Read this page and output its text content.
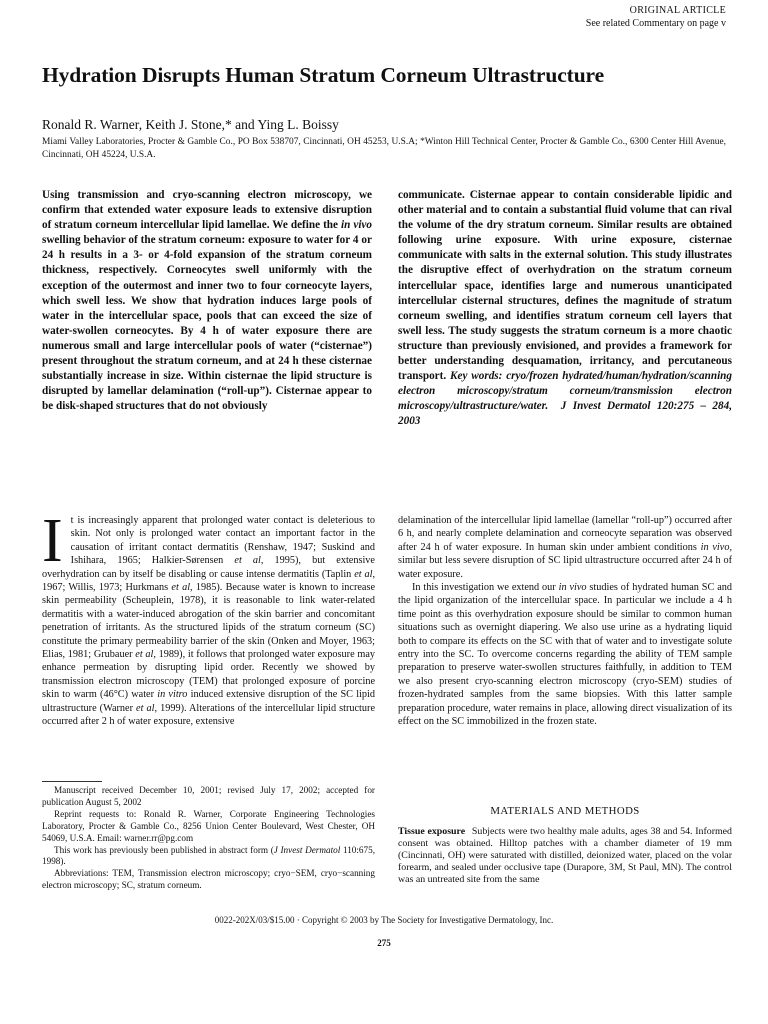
ORIGINAL ARTICLE
See related Commentary on page v
Hydration Disrupts Human Stratum Corneum Ultrastructure
Ronald R. Warner, Keith J. Stone,* and Ying L. Boissy
Miami Valley Laboratories, Procter & Gamble Co., PO Box 538707, Cincinnati, OH 45253, U.S.A; *Winton Hill Technical Center, Procter & Gamble Co., 6300 Center Hill Avenue, Cincinnati, OH 45224, U.S.A.

Using transmission and cryo-scanning electron microscopy, we confirm that extended water exposure leads to extensive disruption of stratum corneum intercellular lipid lamellae. We define the in vivo swelling behavior of the stratum corneum: exposure to water for 4 or 24 h results in a 3- or 4-fold expansion of the stratum corneum thickness, respectively. Corneocytes swell uniformly with the exception of the outermost and inner two to four corneocyte layers, which swell less. We show that hydration induces large pools of water in the intercellular space, pools that can exceed the size of water-swollen corneocytes. By 4 h of water exposure there are numerous small and large intercellular pools of water (“cisternae”) present throughout the stratum corneum, and at 24 h these cisternae substantially increase in size. Within cisternae the lipid structure is disrupted by lamellar delamination (“roll-up”). Cisternae appear to be disk-shaped structures that do not obviously

communicate. Cisternae appear to contain considerable lipidic and other material and to contain a substantial fluid volume that can rival the volume of the dry stratum corneum. Similar results are obtained following urine exposure. With urine exposure, cisternae communicate with salts in the external solution. This study illustrates the disruptive effect of overhydration on the stratum corneum intercellular space, identifies large and numerous unanticipated intercellular cisternal structures, defines the magnitude of stratum corneum swelling, and identifies stratum corneum cell layers that swell less. The study suggests the stratum corneum is a more chaotic structure than previously envisioned, and provides a framework for better understanding desquamation, irritancy, and percutaneous transport. Key words: cryo/frozen hydrated/human/hydration/scanning electron microscopy/stratum corneum/transmission electron microscopy/ultrastructure/water. J Invest Dermatol 120:275 – 284, 2003

It is increasingly apparent that prolonged water contact is deleterious to skin. Not only is prolonged water contact an important factor in the causation of irritant contact dermatitis (Renshaw, 1947; Suskind and Ishihara, 1965; Halkier-Sørensen et al, 1995), but extensive overhydration can by itself be disabling or cause intense dermatitis (Taplin et al, 1967; Willis, 1973; Hurkmans et al, 1985). Because water is known to increase skin permeability (Scheuplein, 1978), it is reasonable to link water-related dermatitis with a water-induced abrogation of the skin barrier and concomitant penetration of irritants. As the structured lipids of the stratum corneum (SC) constitute the primary permeability barrier of the skin (Onken and Moyer, 1963; Elias, 1981; Grubauer et al, 1989), it follows that prolonged water exposure may enhance permeation by disrupting lipid order. Recently we showed by transmission electron microscopy (TEM) that prolonged exposure of porcine skin to warm (46°C) water in vitro induced extensive disruption of the SC lipid ultrastructure (Warner et al, 1999). Alterations of the intercellular lipid structure occurred after 2 h of water exposure, extensive

delamination of the intercellular lipid lamellae (lamellar “roll-up”) occurred after 6 h, and nearly complete delamination and corneocyte separation was observed after 24 h of water exposure. In human skin under ambient conditions in vivo, similar but less severe disruption of SC lipid ultrastructure occurred after 24 h of water exposure.

In this investigation we extend our in vivo studies of hydrated human SC and the lipid organization of the intercellular space. In particular we include a 4 h time point as this overhydration exposure should be similar to common human situations such as overnight diapering. We also use urine as a hydrating liquid both to compare its effects on the SC with that of water and to investigate solute entry into the SC. To overcome concerns regarding the ability of TEM sample preparation to preserve water-swollen structures faithfully, in addition to TEM we also present cryo-scanning electron microscopy (cryo-SEM) studies of frozen-hydrated samples from the same biopsies. With this latter sample preparation procedure, water remains in place, allowing direct visualization of its effect on the SC immobilized in the frozen state.

Manuscript received December 10, 2001; revised July 17, 2002; accepted for publication August 5, 2002

Reprint requests to: Ronald R. Warner, Corporate Engineering Technologies Laboratory, Procter & Gamble Co., 8256 Union Center Boulevard, West Chester, OH 54069, U.S.A. Email: warner.rr@pg.com

This work has previously been published in abstract form (J Invest Dermatol 110:675, 1998).

Abbreviations: TEM, Transmission electron microscopy; cryo−SEM, cryo−scanning electron microscopy; SC, stratum corneum.

MATERIALS AND METHODS
Tissue exposure Subjects were two healthy male adults, ages 38 and 54. Informed consent was obtained. Hilltop patches with a chamber diameter of 19 mm (Cincinnati, OH) were saturated with distilled, deionized water, placed on the volar forearm, and sealed under occlusive tape (Durapore, 3M, St Paul, MN). The control was an untreated site from the same
0022-202X/03/$15.00 · Copyright © 2003 by The Society for Investigative Dermatology, Inc.
275
